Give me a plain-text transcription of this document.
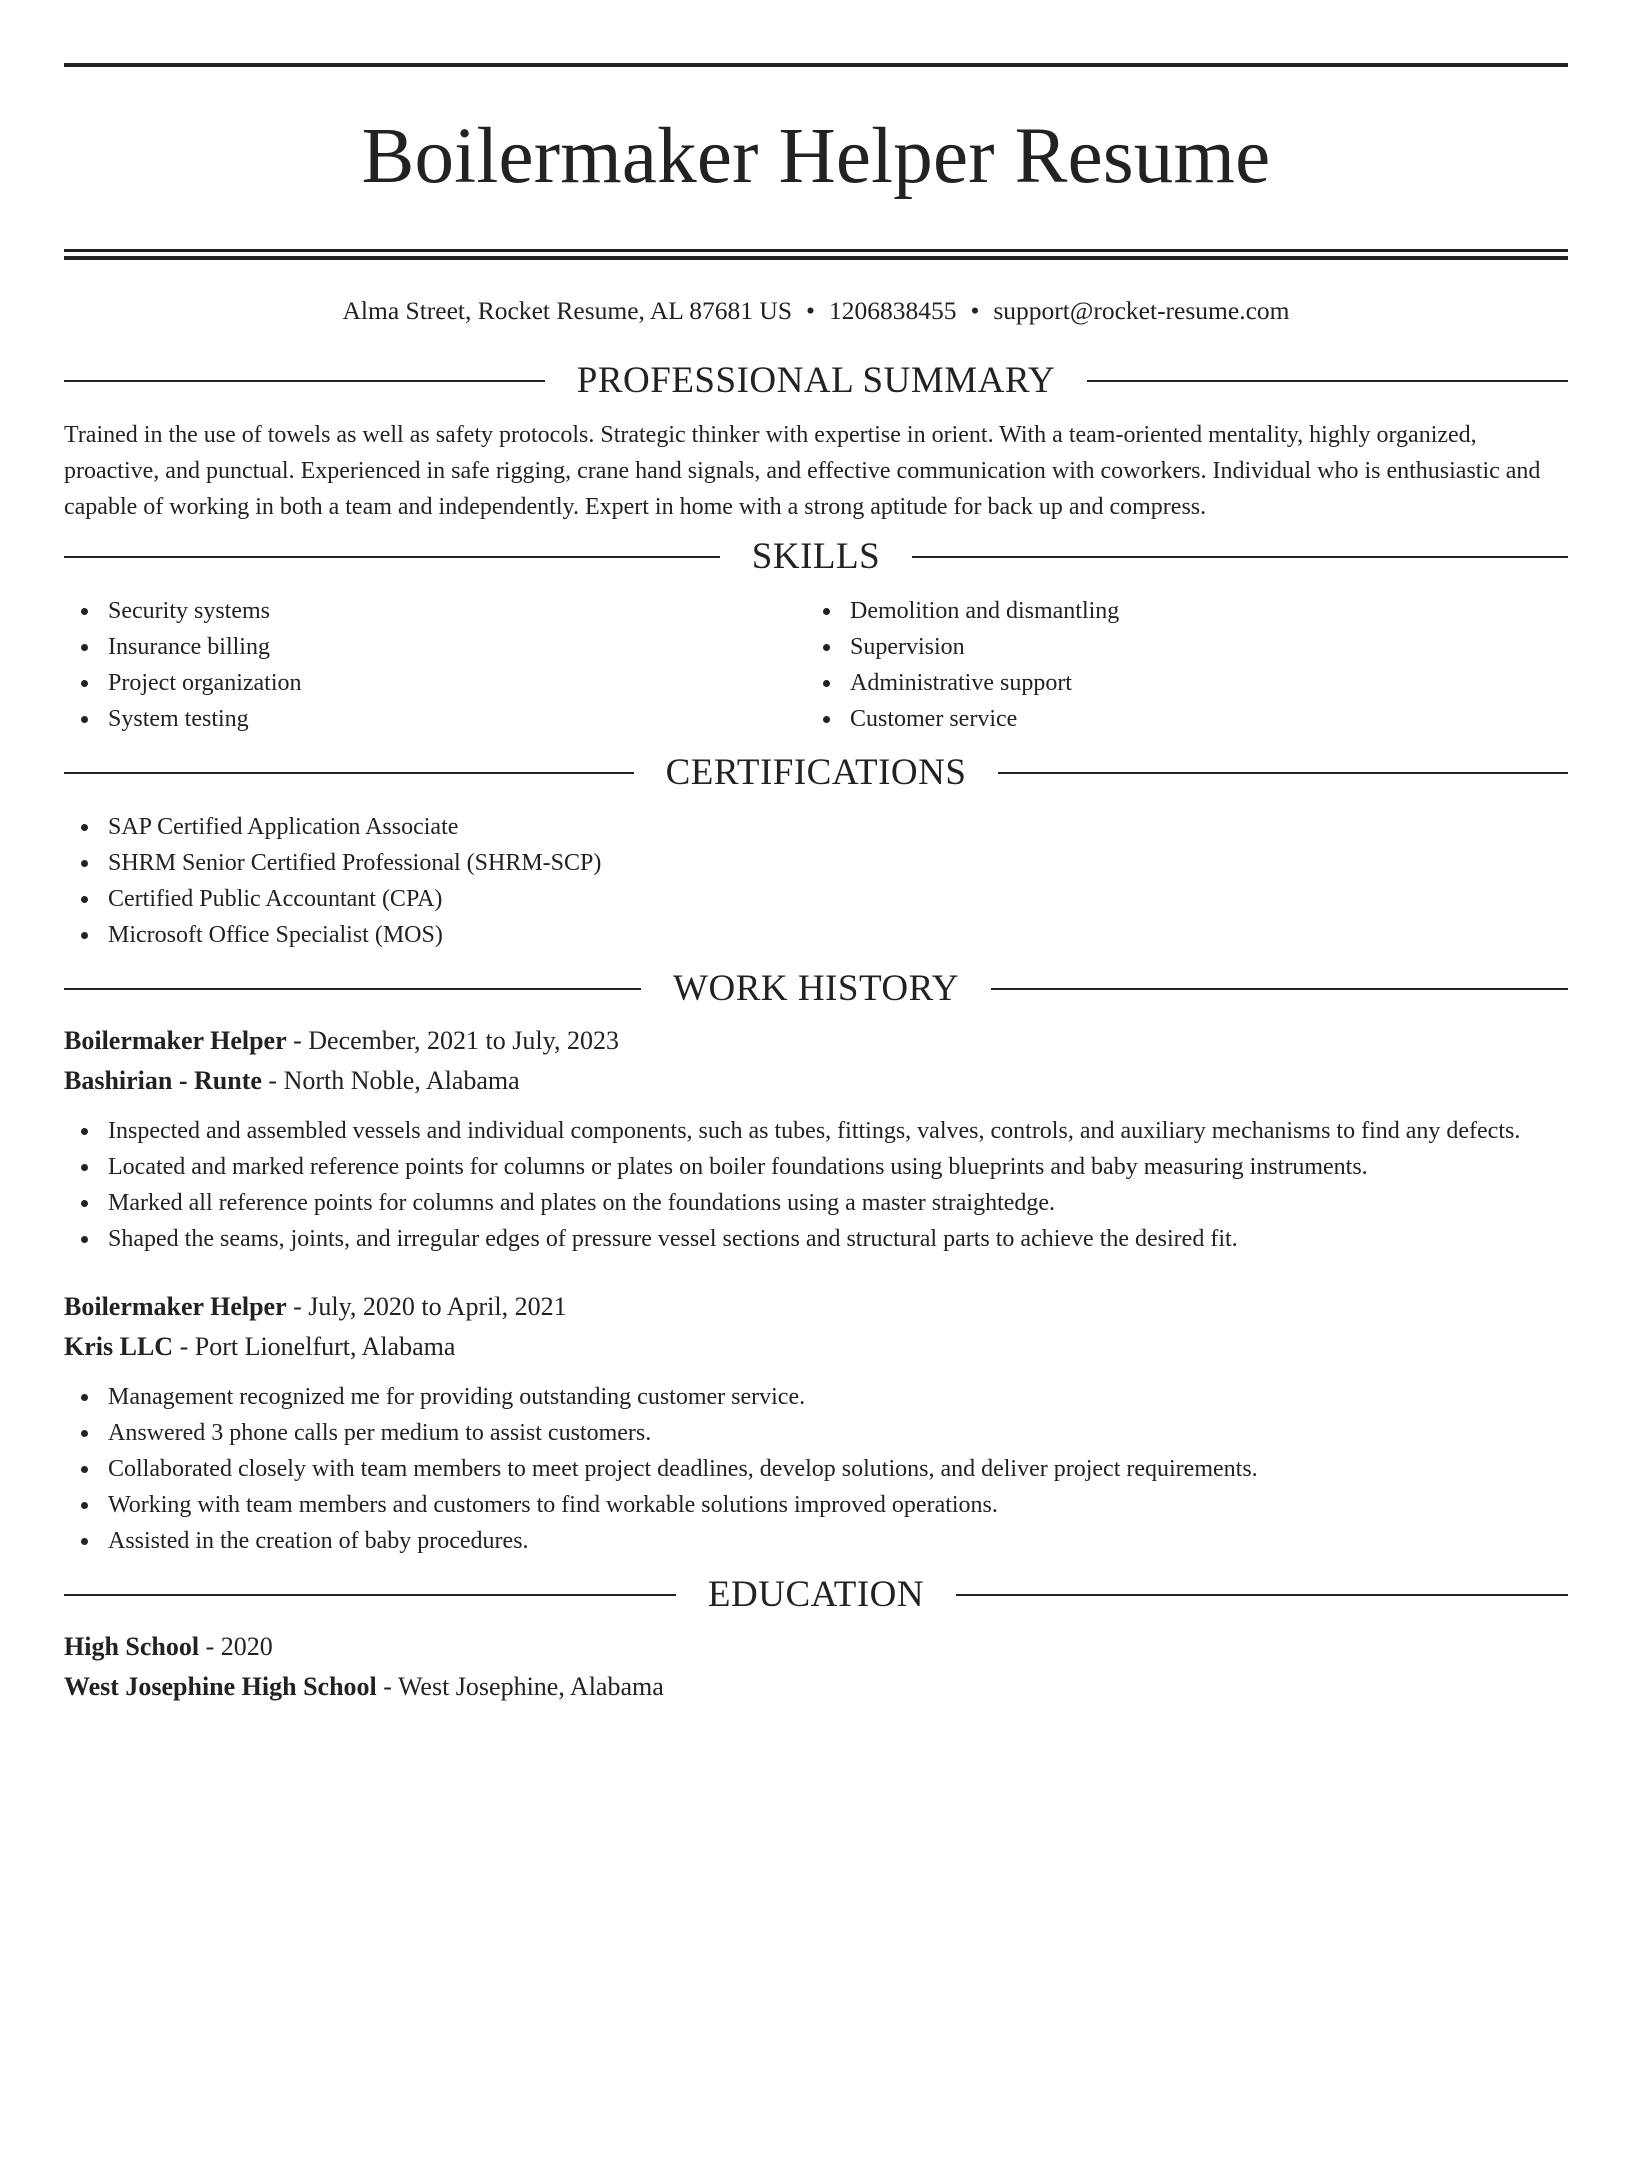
Boilermaker Helper Resume
Alma Street, Rocket Resume, AL 87681 US • 1206838455 • support@rocket-resume.com
PROFESSIONAL SUMMARY

Trained in the use of towels as well as safety protocols. Strategic thinker with expertise in orient. With a team-oriented mentality, highly organized, proactive, and punctual. Experienced in safe rigging, crane hand signals, and effective communication with coworkers. Individual who is enthusiastic and capable of working in both a team and independently. Expert in home with a strong aptitude for back up and compress.

SKILLS
Security systems
Insurance billing
Project organization
System testing
Demolition and dismantling
Supervision
Administrative support
Customer service
CERTIFICATIONS
SAP Certified Application Associate
SHRM Senior Certified Professional (SHRM-SCP)
Certified Public Accountant (CPA)
Microsoft Office Specialist (MOS)
WORK HISTORY
Boilermaker Helper - December, 2021 to July, 2023
Bashirian - Runte - North Noble, Alabama
Inspected and assembled vessels and individual components, such as tubes, fittings, valves, controls, and auxiliary mechanisms to find any defects.
Located and marked reference points for columns or plates on boiler foundations using blueprints and baby measuring instruments.
Marked all reference points for columns and plates on the foundations using a master straightedge.
Shaped the seams, joints, and irregular edges of pressure vessel sections and structural parts to achieve the desired fit.
Boilermaker Helper - July, 2020 to April, 2021
Kris LLC - Port Lionelfurt, Alabama
Management recognized me for providing outstanding customer service.
Answered 3 phone calls per medium to assist customers.
Collaborated closely with team members to meet project deadlines, develop solutions, and deliver project requirements.
Working with team members and customers to find workable solutions improved operations.
Assisted in the creation of baby procedures.
EDUCATION
High School - 2020
West Josephine High School - West Josephine, Alabama
